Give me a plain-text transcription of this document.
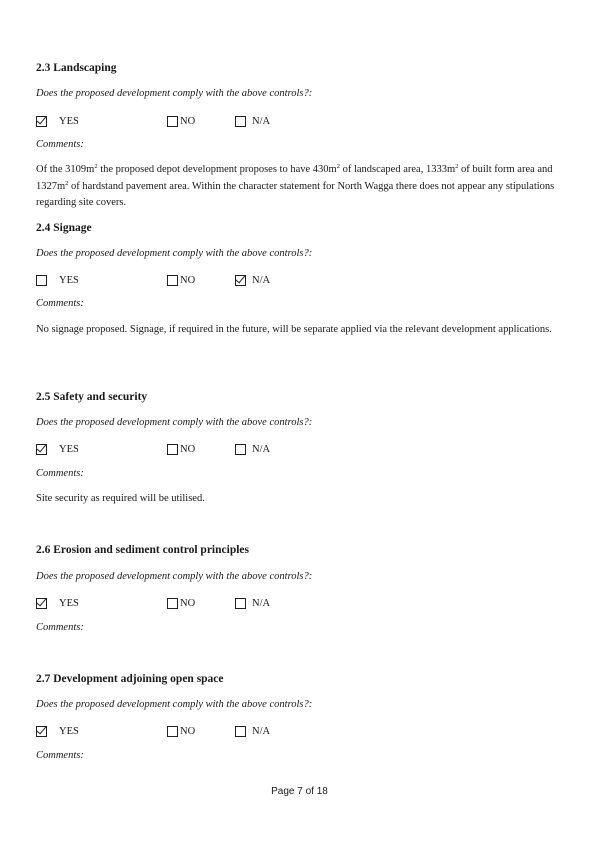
2.3 Landscaping
Does the proposed development comply with the above controls?:
YES	NO	N/A
Comments:
Of the $3109m^2$ the proposed depot development proposes to have $430m^2$ of landscaped area, $1333m^2$ of built form area and $1327m^2$ of hardstand pavement area. Within the character statement for North Wagga there does not appear any stipulations regarding site covers.
2.4 Signage
Does the proposed development comply with the above controls?:
YES	NO	N/A
Comments:
No signage proposed. Signage, if required in the future, will be separate applied via the relevant development applications.
2.5 Safety and security
Does the proposed development comply with the above controls?:
YES	NO	N/A
Comments:
Site security as required will be utilised.
2.6 Erosion and sediment control principles
Does the proposed development comply with the above controls?:
YES	NO	N/A
Comments:
2.7 Development adjoining open space
Does the proposed development comply with the above controls?:
YES	NO	N/A
Comments:
Page 7 of 18
